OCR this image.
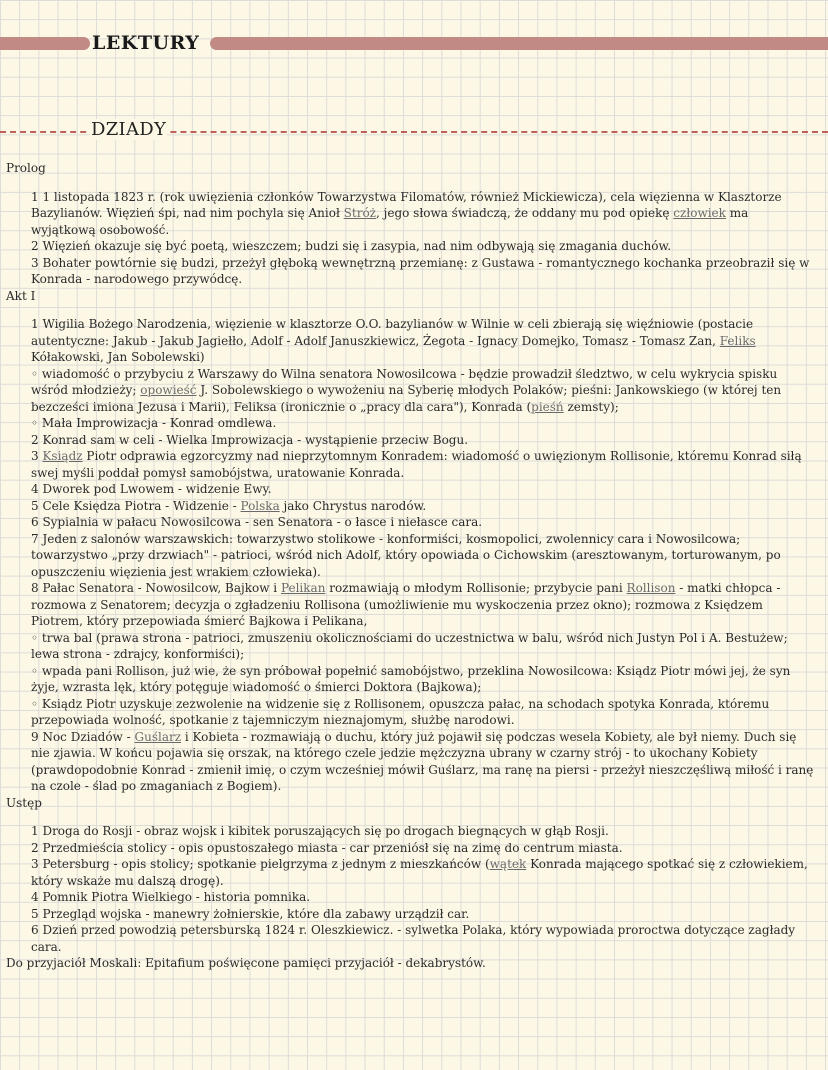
LEKTURY
DZIADY

Prolog

1 1 listopada 1823 r. (rok uwięzienia członków Towarzystwa Filomatów, również Mickiewicza), cela więzienna w Klasztorze Bazylianów. Więzień śpi, nad nim pochyla się Anioł Stróż, jego słowa świadczą, że oddany mu pod opiekę człowiek ma wyjątkową osobowość.

2 Więzień okazuje się być poetą, wieszczem; budzi się i zasypia, nad nim odbywają się zmagania duchów.

3 Bohater powtórnie się budzi, przeżył głęboką wewnętrzną przemianę: z Gustawa - romantycznego kochanka przeobraził się w Konrada - narodowego przywódcę.

Akt I

1 Wigilia Bożego Narodzenia, więzienie w klasztorze O.O. bazylianów w Wilnie w celi zbierają się więźniowie (postacie autentyczne: Jakub - Jakub Jagiełło, Adolf - Adolf Januszkiewicz, Żegota - Ignacy Domejko, Tomasz - Tomasz Zan, Feliks Kółakowski, Jan Sobolewski)

◦ wiadomość o przybyciu z Warszawy do Wilna senatora Nowosilcowa - będzie prowadził śledztwo, w celu wykrycia spisku wśród młodzieży; opowieść J. Sobolewskiego o wywożeniu na Syberię młodych Polaków; pieśni: Jankowskiego (w której ten bezcześci imiona Jezusa i Marii), Feliksa (ironicznie o „pracy dla cara"), Konrada (pieśń zemsty);

◦ Mała Improwizacja - Konrad omdlewa.

2 Konrad sam w celi - Wielka Improwizacja - wystąpienie przeciw Bogu.

3 Ksiądz Piotr odprawia egzorcyzmy nad nieprzytomnym Konradem: wiadomość o uwięzionym Rollisonie, któremu Konrad siłą swej myśli poddał pomysł samobójstwa, uratowanie Konrada.

4 Dworek pod Lwowem - widzenie Ewy.

5 Cele Księdza Piotra - Widzenie - Polska jako Chrystus narodów.

6 Sypialnia w pałacu Nowosilcowa - sen Senatora - o łasce i niełasce cara.

7 Jeden z salonów warszawskich: towarzystwo stolikowe - konformiści, kosmopolici, zwolennicy cara i Nowosilcowa; towarzystwo „przy drzwiach" - patrioci, wśród nich Adolf, który opowiada o Cichowskim (aresztowanym, torturowanym, po opuszczeniu więzienia jest wrakiem człowieka).

8 Pałac Senatora - Nowosilcow, Bajkow i Pelikan rozmawiają o młodym Rollisonie; przybycie pani Rollison - matki chłopca - rozmowa z Senatorem; decyzja o zgładzeniu Rollisona (umożliwienie mu wyskoczenia przez okno); rozmowa z Księdzem Piotrem, który przepowiada śmierć Bajkowa i Pelikana,

◦ trwa bal (prawa strona - patrioci, zmuszeniu okolicznościami do uczestnictwa w balu, wśród nich Justyn Pol i A. Bestużew; lewa strona - zdrajcy, konformiści);

◦ wpada pani Rollison, już wie, że syn próbował popełnić samobójstwo, przeklina Nowosilcowa: Ksiądz Piotr mówi jej, że syn żyje, wzrasta lęk, który potęguje wiadomość o śmierci Doktora (Bajkowa);

◦ Ksiądz Piotr uzyskuje zezwolenie na widzenie się z Rollisonem, opuszcza pałac, na schodach spotyka Konrada, któremu przepowiada wolność, spotkanie z tajemniczym nieznajomym, służbę narodowi.

9 Noc Dziadów - Guślarz i Kobieta - rozmawiają o duchu, który już pojawił się podczas wesela Kobiety, ale był niemy. Duch się nie zjawia. W końcu pojawia się orszak, na którego czele jedzie mężczyzna ubrany w czarny strój - to ukochany Kobiety (prawdopodobnie Konrad - zmienił imię, o czym wcześniej mówił Guślarz, ma ranę na piersi - przeżył nieszczęśliwą miłość i ranę na czole - ślad po zmaganiach z Bogiem).

Ustęp

1 Droga do Rosji - obraz wojsk i kibitek poruszających się po drogach biegnących w głąb Rosji.

2 Przedmieścia stolicy - opis opustoszałego miasta - car przeniósł się na zimę do centrum miasta.

3 Petersburg - opis stolicy; spotkanie pielgrzyma z jednym z mieszkańców (wątek Konrada mającego spotkać się z człowiekiem, który wskaże mu dalszą drogę).

4 Pomnik Piotra Wielkiego - historia pomnika.

5 Przegląd wojska - manewry żołnierskie, które dla zabawy urządził car.

6 Dzień przed powodzią petersburską 1824 r. Oleszkiewicz. - sylwetka Polaka, który wypowiada proroctwa dotyczące zagłady cara.

Do przyjaciół Moskali: Epitafium poświęcone pamięci przyjaciół - dekabrystów.
